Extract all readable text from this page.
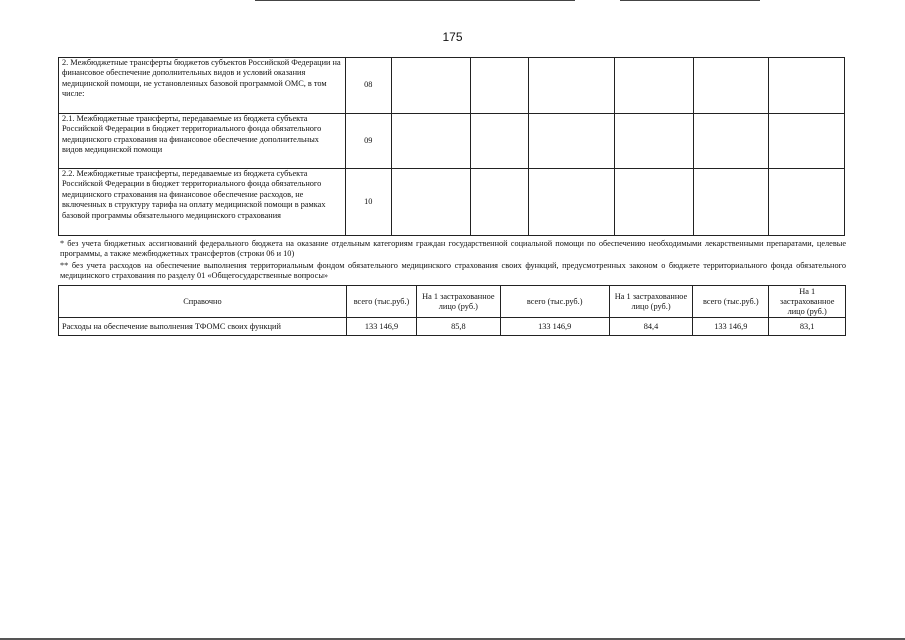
175
2. Межбюджетные трансферты бюджетов субъектов Российской Федерации на финансовое обеспечение дополнительных видов и условий оказания медицинской помощи, не установленных базовой программой ОМС, в том числе:	08						
2.1. Межбюджетные трансферты, передаваемые из бюджета субъекта Российской Федерации в бюджет территориального фонда обязательного медицинского страхования на финансовое обеспечение дополнительных видов медицинской помощи	09						
2.2. Межбюджетные трансферты, передаваемые из бюджета субъекта Российской Федерации в бюджет территориального фонда обязательного медицинского страхования на финансовое обеспечение расходов, не включенных в структуру тарифа на оплату медицинской помощи в рамках базовой программы обязательного медицинского страхования	10						
* без учета бюджетных ассигнований федерального бюджета на оказание отдельным категориям граждан государственной социальной помощи по обеспечению необходимыми лекарственными препаратами, целевые программы, а также межбюджетных трансфертов (строки 06 и 10)
** без учета расходов на обеспечение выполнения территориальным фондом обязательного медицинского страхования своих функций, предусмотренных законом о бюджете территориального фонда обязательного медицинского страхования по разделу 01 «Общегосударственные вопросы»
Справочно	всего (тыс.руб.)	На 1 застрахованное лицо (руб.)	всего (тыс.руб.)	На 1 застрахованное лицо (руб.)	всего (тыс.руб.)	На 1 застрахованное лицо (руб.)
Расходы на обеспечение выполнения ТФОМС своих функций	133 146,9	85,8	133 146,9	84,4	133 146,9	83,1
